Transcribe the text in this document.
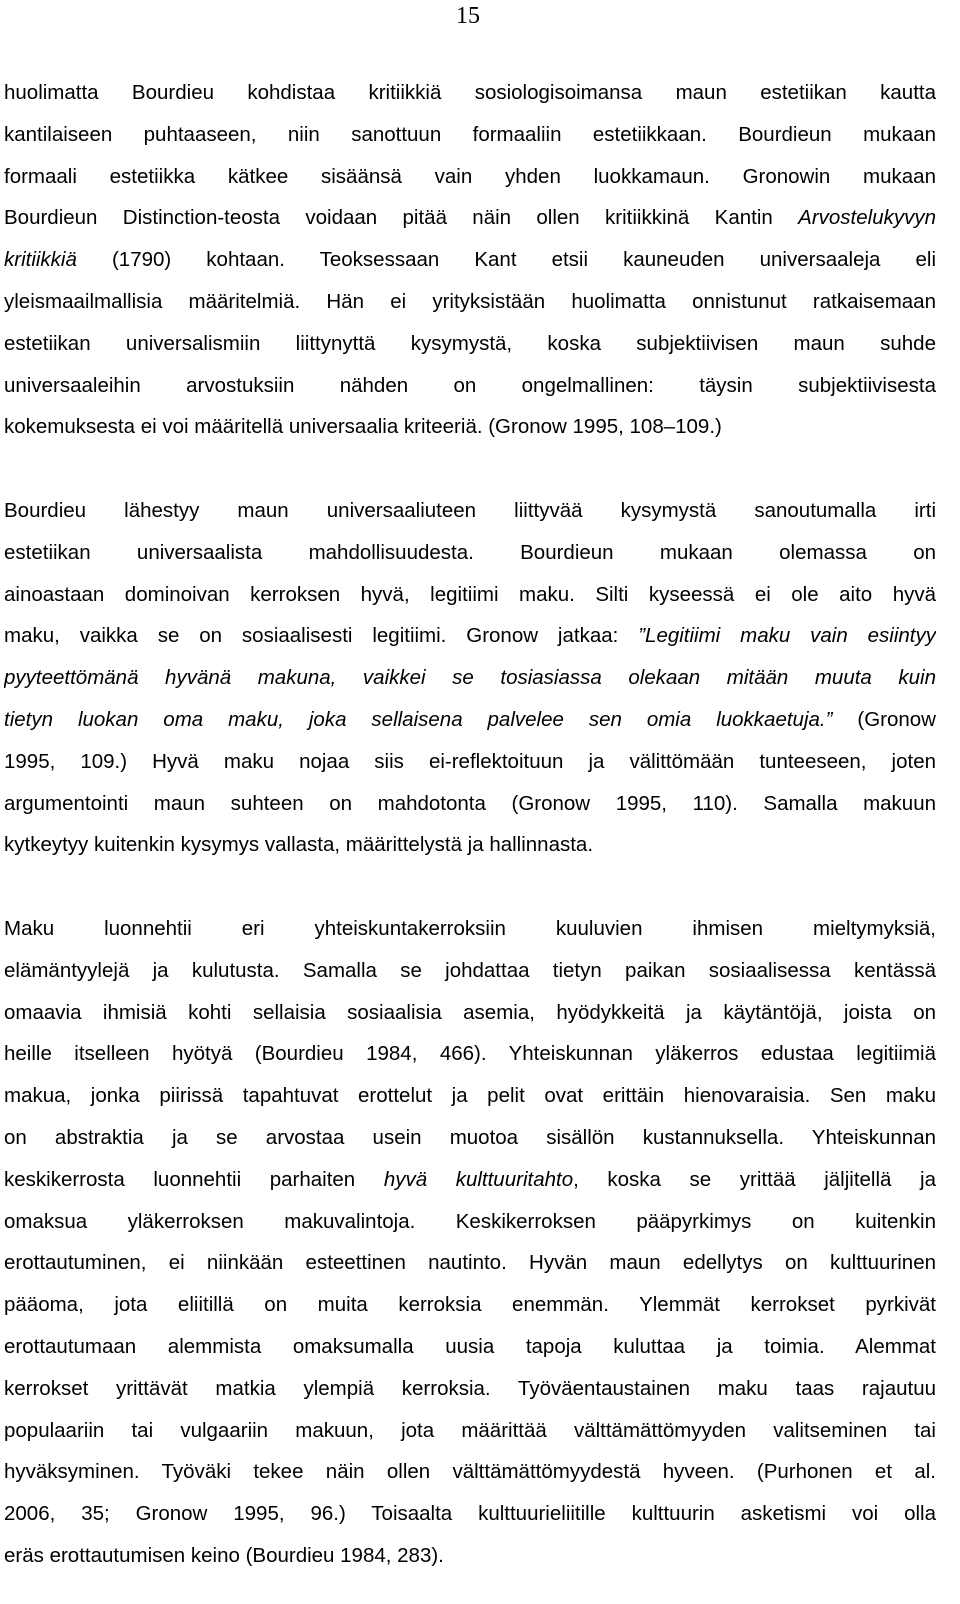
15
huolimatta Bourdieu kohdistaa kritiikkiä sosiologisoimansa maun estetiikan kautta
kantilaiseen puhtaaseen, niin sanottuun formaaliin estetiikkaan. Bourdieun mukaan
formaali estetiikka kätkee sisäänsä vain yhden luokkamaun. Gronowin mukaan
Bourdieun Distinction-teosta voidaan pitää näin ollen kritiikkinä Kantin Arvostelukyvyn
kritiikkiä (1790) kohtaan. Teoksessaan Kant etsii kauneuden universaaleja eli
yleismaailmallisia määritelmiä. Hän ei yrityksistään huolimatta onnistunut ratkaisemaan
estetiikan universalismiin liittynyttä kysymystä, koska subjektiivisen maun suhde
universaaleihin arvostuksiin nähden on ongelmallinen: täysin subjektiivisesta
kokemuksesta ei voi määritellä universaalia kriteeriä. (Gronow 1995, 108–109.)
Bourdieu lähestyy maun universaaliuteen liittyvää kysymystä sanoutumalla irti
estetiikan universaalista mahdollisuudesta. Bourdieun mukaan olemassa on
ainoastaan dominoivan kerroksen hyvä, legitiimi maku. Silti kyseessä ei ole aito hyvä
maku, vaikka se on sosiaalisesti legitiimi. Gronow jatkaa: ”Legitiimi maku vain esiintyy
pyyteettömänä hyvänä makuna, vaikkei se tosiasiassa olekaan mitään muuta kuin
tietyn luokan oma maku, joka sellaisena palvelee sen omia luokkaetuja.” (Gronow
1995, 109.) Hyvä maku nojaa siis ei-reflektoituun ja välittömään tunteeseen, joten
argumentointi maun suhteen on mahdotonta (Gronow 1995, 110). Samalla makuun
kytkeytyy kuitenkin kysymys vallasta, määrittelystä ja hallinnasta.
Maku luonnehtii eri yhteiskuntakerroksiin kuuluvien ihmisen mieltymyksiä,
elämäntyylejä ja kulutusta. Samalla se johdattaa tietyn paikan sosiaalisessa kentässä
omaavia ihmisiä kohti sellaisia sosiaalisia asemia, hyödykkeitä ja käytäntöjä, joista on
heille itselleen hyötyä (Bourdieu 1984, 466). Yhteiskunnan yläkerros edustaa legitiimiä
makua, jonka piirissä tapahtuvat erottelut ja pelit ovat erittäin hienovaraisia. Sen maku
on abstraktia ja se arvostaa usein muotoa sisällön kustannuksella. Yhteiskunnan
keskikerrosta luonnehtii parhaiten hyvä kulttuuritahto, koska se yrittää jäljitellä ja
omaksua yläkerroksen makuvalintoja. Keskikerroksen pääpyrkimys on kuitenkin
erottautuminen, ei niinkään esteettinen nautinto. Hyvän maun edellytys on kulttuurinen
pääoma, jota eliitillä on muita kerroksia enemmän. Ylemmät kerrokset pyrkivät
erottautumaan alemmista omaksumalla uusia tapoja kuluttaa ja toimia. Alemmat
kerrokset yrittävät matkia ylempiä kerroksia. Työväentaustainen maku taas rajautuu
populaariin tai vulgaariin makuun, jota määrittää välttämättömyyden valitseminen tai
hyväksyminen. Työväki tekee näin ollen välttämättömyydestä hyveen. (Purhonen et al.
2006, 35; Gronow 1995, 96.) Toisaalta kulttuurieliitille kulttuurin asketismi voi olla
eräs erottautumisen keino (Bourdieu 1984, 283).
